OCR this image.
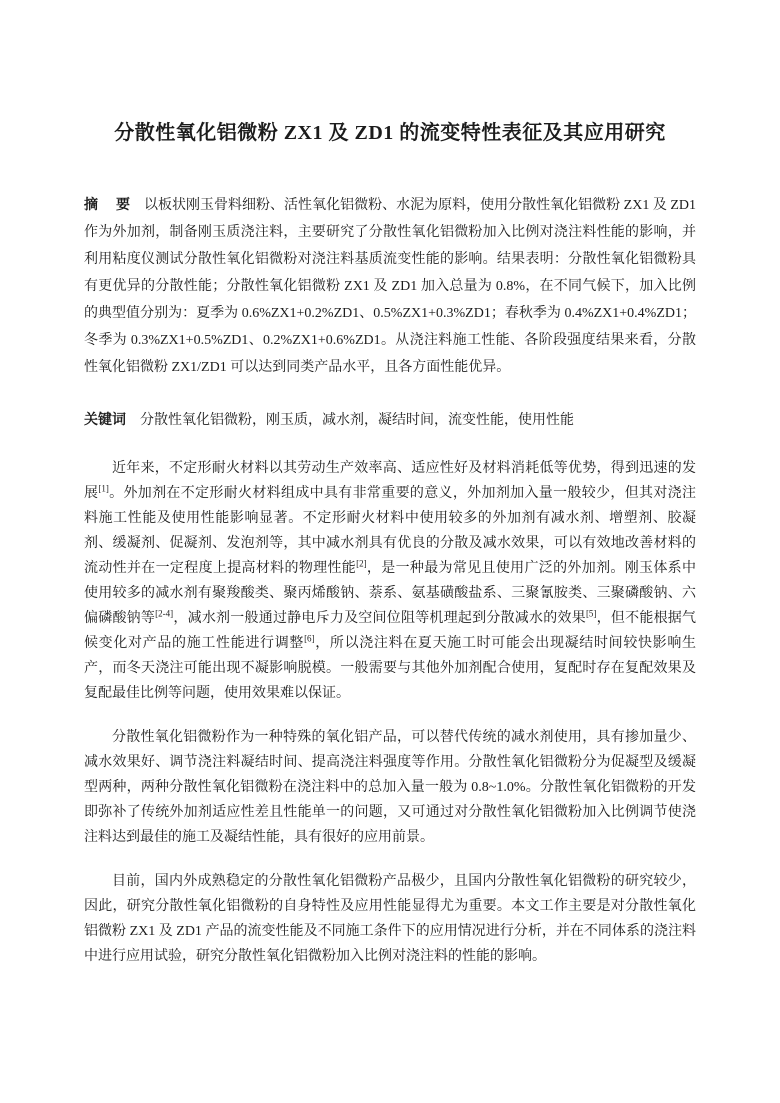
分散性氧化铝微粉 ZX1 及 ZD1 的流变特性表征及其应用研究

摘　要 以板状刚玉骨料细粉、活性氧化铝微粉、水泥为原料，使用分散性氧化铝微粉 ZX1 及 ZD1 作为外加剂，制备刚玉质浇注料，主要研究了分散性氧化铝微粉加入比例对浇注料性能的影响，并利用粘度仪测试分散性氧化铝微粉对浇注料基质流变性能的影响。结果表明：分散性氧化铝微粉具有更优异的分散性能；分散性氧化铝微粉 ZX1 及 ZD1 加入总量为 0.8%，在不同气候下，加入比例的典型值分别为：夏季为 0.6%ZX1+0.2%ZD1、0.5%ZX1+0.3%ZD1；春秋季为 0.4%ZX1+0.4%ZD1；冬季为 0.3%ZX1+0.5%ZD1、0.2%ZX1+0.6%ZD1。从浇注料施工性能、各阶段强度结果来看，分散性氧化铝微粉 ZX1/ZD1 可以达到同类产品水平，且各方面性能优异。

关键词 分散性氧化铝微粉，刚玉质，减水剂，凝结时间，流变性能，使用性能

近年来，不定形耐火材料以其劳动生产效率高、适应性好及材料消耗低等优势，得到迅速的发展[1]。外加剂在不定形耐火材料组成中具有非常重要的意义，外加剂加入量一般较少，但其对浇注料施工性能及使用性能影响显著。不定形耐火材料中使用较多的外加剂有减水剂、增塑剂、胶凝剂、缓凝剂、促凝剂、发泡剂等，其中减水剂具有优良的分散及减水效果，可以有效地改善材料的流动性并在一定程度上提高材料的物理性能[2]，是一种最为常见且使用广泛的外加剂。刚玉体系中使用较多的减水剂有聚羧酸类、聚丙烯酸钠、萘系、氨基磺酸盐系、三聚氰胺类、三聚磷酸钠、六偏磷酸钠等[2-4]，减水剂一般通过静电斥力及空间位阻等机理起到分散减水的效果[5]，但不能根据气候变化对产品的施工性能进行调整[6]，所以浇注料在夏天施工时可能会出现凝结时间较快影响生产，而冬天浇注可能出现不凝影响脱模。一般需要与其他外加剂配合使用，复配时存在复配效果及复配最佳比例等问题，使用效果难以保证。

分散性氧化铝微粉作为一种特殊的氧化铝产品，可以替代传统的减水剂使用，具有掺加量少、减水效果好、调节浇注料凝结时间、提高浇注料强度等作用。分散性氧化铝微粉分为促凝型及缓凝型两种，两种分散性氧化铝微粉在浇注料中的总加入量一般为 0.8~1.0%。分散性氧化铝微粉的开发即弥补了传统外加剂适应性差且性能单一的问题，又可通过对分散性氧化铝微粉加入比例调节使浇注料达到最佳的施工及凝结性能，具有很好的应用前景。

目前，国内外成熟稳定的分散性氧化铝微粉产品极少，且国内分散性氧化铝微粉的研究较少，因此，研究分散性氧化铝微粉的自身特性及应用性能显得尤为重要。本文工作主要是对分散性氧化铝微粉 ZX1 及 ZD1 产品的流变性能及不同施工条件下的应用情况进行分析，并在不同体系的浇注料中进行应用试验，研究分散性氧化铝微粉加入比例对浇注料的性能的影响。
